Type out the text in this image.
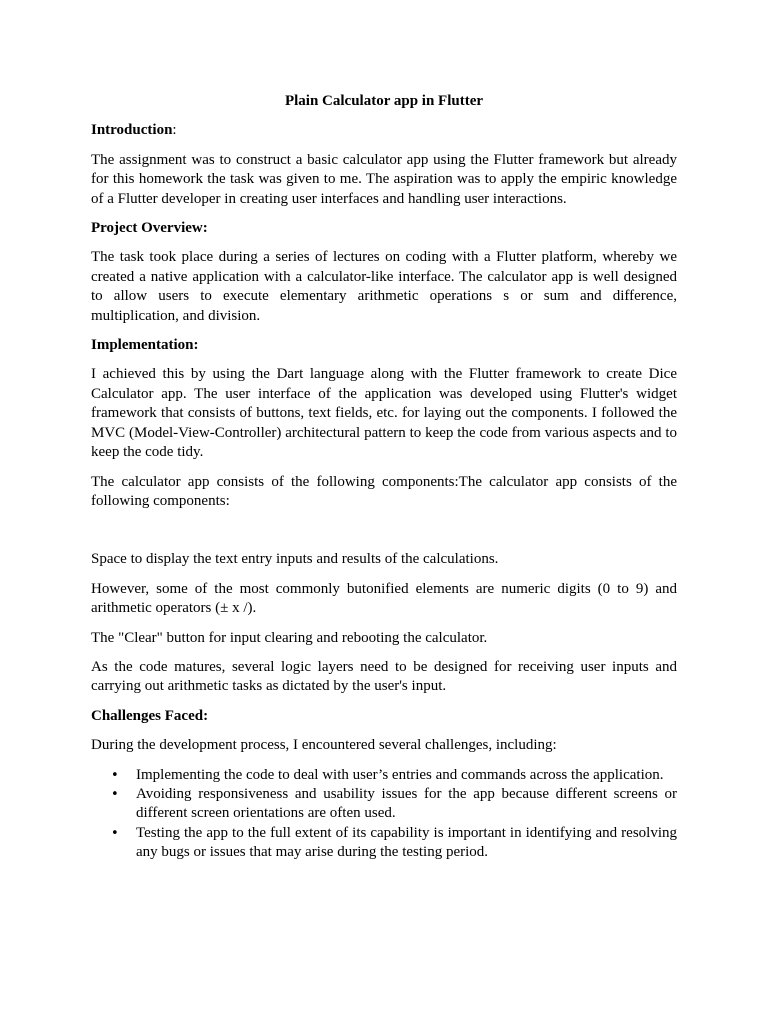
Plain Calculator app in Flutter
Introduction:

The assignment was to construct a basic calculator app using the Flutter framework but already for this homework the task was given to me. The aspiration was to apply the empiric knowledge of a Flutter developer in creating user interfaces and handling user interactions.

Project Overview:

The task took place during a series of lectures on coding with a Flutter platform, whereby we created a native application with a calculator-like interface. The calculator app is well designed to allow users to execute elementary arithmetic operations s or sum and difference, multiplication, and division.

Implementation:

I achieved this by using the Dart language along with the Flutter framework to create Dice Calculator app. The user interface of the application was developed using Flutter's widget framework that consists of buttons, text fields, etc. for laying out the components. I followed the MVC (Model-View-Controller) architectural pattern to keep the code from various aspects and to keep the code tidy.

The calculator app consists of the following components:The calculator app consists of the following components:

Space to display the text entry inputs and results of the calculations.

However, some of the most commonly butonified elements are numeric digits (0 to 9) and arithmetic operators (± x /).

The "Clear" button for input clearing and rebooting the calculator.

As the code matures, several logic layers need to be designed for receiving user inputs and carrying out arithmetic tasks as dictated by the user's input.

Challenges Faced:

During the development process, I encountered several challenges, including:

• Implementing the code to deal with user’s entries and commands across the application.
• Avoiding responsiveness and usability issues for the app because different screens or different screen orientations are often used.
• Testing the app to the full extent of its capability is important in identifying and resolving any bugs or issues that may arise during the testing period.
